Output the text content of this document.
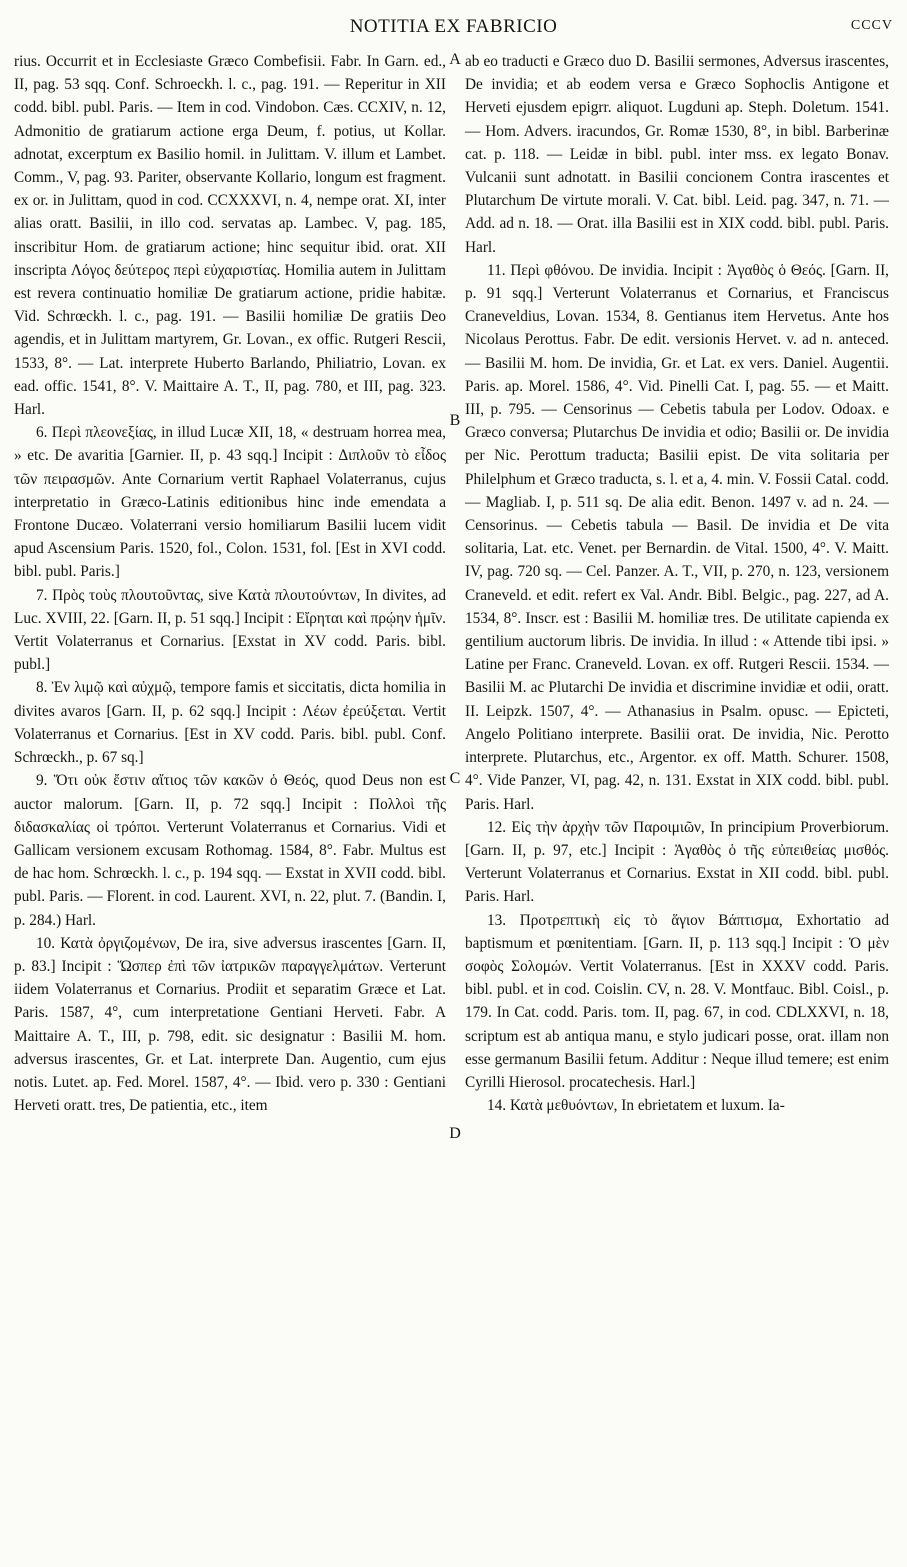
NOTITIA EX FABRICIO	CCCV
A
B
C
D

rius. Occurrit et in Ecclesiaste Græco Combefisii. Fabr. In Garn. ed., II, pag. 53 sqq. Conf. Schroeckh. l. c., pag. 191. — Reperitur in XII codd. bibl. publ. Paris. — Item in cod. Vindobon. Cæs. CCXIV, n. 12, Admonitio de gratiarum actione erga Deum, f. potius, ut Kollar. adnotat, excerptum ex Basilio homil. in Julittam. V. illum et Lambet. Comm., V, pag. 93. Pariter, observante Kollario, longum est fragment. ex or. in Julittam, quod in cod. CCXXXVI, n. 4, nempe orat. XI, inter alias oratt. Basilii, in illo cod. servatas ap. Lambec. V, pag. 185, inscribitur Hom. de gratiarum actione; hinc sequitur ibid. orat. XII inscripta Λόγος δεύτερος περὶ εὐχαριστίας. Homilia autem in Julittam est revera continuatio homiliæ De gratiarum actione, pridie habitæ. Vid. Schrœckh. l. c., pag. 191. — Basilii homiliæ De gratiis Deo agendis, et in Julittam martyrem, Gr. Lovan., ex offic. Rutgeri Rescii, 1533, 8°. — Lat. interprete Huberto Barlando, Philiatrio, Lovan. ex ead. offic. 1541, 8°. V. Maittaire A. T., II, pag. 780, et III, pag. 323. Harl.

6. Περὶ πλεονεξίας, in illud Lucæ XII, 18, « destruam horrea mea, » etc. De avaritia [Garnier. II, p. 43 sqq.] Incipit : Διπλοῦν τὸ εἶδος τῶν πειρασμῶν. Ante Cornarium vertit Raphael Volaterranus, cujus interpretatio in Græco-Latinis editionibus hinc inde emendata a Frontone Ducæo. Volaterrani versio homiliarum Basilii lucem vidit apud Ascensium Paris. 1520, fol., Colon. 1531, fol. [Est in XVI codd. bibl. publ. Paris.]

7. Πρὸς τοὺς πλουτοῦντας, sive Κατὰ πλουτούντων, In divites, ad Luc. XVIII, 22. [Garn. II, p. 51 sqq.] Incipit : Εἴρηται καὶ πρῴην ἡμῖν. Vertit Volaterranus et Cornarius. [Exstat in XV codd. Paris. bibl. publ.]

8. Ἐν λιμῷ καὶ αὐχμῷ, tempore famis et siccitatis, dicta homilia in divites avaros [Garn. II, p. 62 sqq.] Incipit : Λέων ἐρεύξεται. Vertit Volaterranus et Cornarius. [Est in XV codd. Paris. bibl. publ. Conf. Schrœckh., p. 67 sq.]

9. Ὅτι οὐκ ἔστιν αἴτιος τῶν κακῶν ὁ Θεός, quod Deus non est auctor malorum. [Garn. II, p. 72 sqq.] Incipit : Πολλοὶ τῆς διδασκαλίας οἱ τρόποι. Verterunt Volaterranus et Cornarius. Vidi et Gallicam versionem excusam Rothomag. 1584, 8°. Fabr. Multus est de hac hom. Schrœckh. l. c., p. 194 sqq. — Exstat in XVII codd. bibl. publ. Paris. — Florent. in cod. Laurent. XVI, n. 22, plut. 7. (Bandin. I, p. 284.) Harl.

10. Κατὰ ὀργιζομένων, De ira, sive adversus irascentes [Garn. II, p. 83.] Incipit : Ὥσπερ ἐπὶ τῶν ἰατρικῶν παραγγελμάτων. Verterunt iidem Volaterranus et Cornarius. Prodiit et separatim Græce et Lat. Paris. 1587, 4°, cum interpretatione Gentiani Herveti. Fabr. A Maittaire A. T., III, p. 798, edit. sic designatur : Basilii M. hom. adversus irascentes, Gr. et Lat. interprete Dan. Augentio, cum ejus notis. Lutet. ap. Fed. Morel. 1587, 4°. — Ibid. vero p. 330 : Gentiani Herveti oratt. tres, De patientia, etc., item

ab eo traducti e Græco duo D. Basilii sermones, Adversus irascentes, De invidia; et ab eodem versa e Græco Sophoclis Antigone et Herveti ejusdem epigrr. aliquot. Lugduni ap. Steph. Doletum. 1541. — Hom. Advers. iracundos, Gr. Romæ 1530, 8°, in bibl. Barberinæ cat. p. 118. — Leidæ in bibl. publ. inter mss. ex legato Bonav. Vulcanii sunt adnotatt. in Basilii concionem Contra irascentes et Plutarchum De virtute morali. V. Cat. bibl. Leid. pag. 347, n. 71. — Add. ad n. 18. — Orat. illa Basilii est in XIX codd. bibl. publ. Paris. Harl.

11. Περὶ φθόνου. De invidia. Incipit : Ἀγαθὸς ὁ Θεός. [Garn. II, p. 91 sqq.] Verterunt Volaterranus et Cornarius, et Franciscus Craneveldius, Lovan. 1534, 8. Gentianus item Hervetus. Ante hos Nicolaus Perottus. Fabr. De edit. versionis Hervet. v. ad n. anteced. — Basilii M. hom. De invidia, Gr. et Lat. ex vers. Daniel. Augentii. Paris. ap. Morel. 1586, 4°. Vid. Pinelli Cat. I, pag. 55. — et Maitt. III, p. 795. — Censorinus — Cebetis tabula per Lodov. Odoax. e Græco conversa; Plutarchus De invidia et odio; Basilii or. De invidia per Nic. Perottum traducta; Basilii epist. De vita solitaria per Philelphum et Græco traducta, s. l. et a, 4. min. V. Fossii Catal. codd. — Magliab. I, p. 511 sq. De alia edit. Benon. 1497 v. ad n. 24. — Censorinus. — Cebetis tabula — Basil. De invidia et De vita solitaria, Lat. etc. Venet. per Bernardin. de Vital. 1500, 4°. V. Maitt. IV, pag. 720 sq. — Cel. Panzer. A. T., VII, p. 270, n. 123, versionem Craneveld. et edit. refert ex Val. Andr. Bibl. Belgic., pag. 227, ad A. 1534, 8°. Inscr. est : Basilii M. homiliæ tres. De utilitate capienda ex gentilium auctorum libris. De invidia. In illud : « Attende tibi ipsi. » Latine per Franc. Craneveld. Lovan. ex off. Rutgeri Rescii. 1534. — Basilii M. ac Plutarchi De invidia et discrimine invidiæ et odii, oratt. II. Leipzk. 1507, 4°. — Athanasius in Psalm. opusc. — Epicteti, Angelo Politiano interprete. Basilii orat. De invidia, Nic. Perotto interprete. Plutarchus, etc., Argentor. ex off. Matth. Schurer. 1508, 4°. Vide Panzer, VI, pag. 42, n. 131. Exstat in XIX codd. bibl. publ. Paris. Harl.

12. Εἰς τὴν ἀρχὴν τῶν Παροιμιῶν, In principium Proverbiorum. [Garn. II, p. 97, etc.] Incipit : Ἀγαθὸς ὁ τῆς εὐπειθείας μισθός. Verterunt Volaterranus et Cornarius. Exstat in XII codd. bibl. publ. Paris. Harl.

13. Προτρεπτικὴ εἰς τὸ ἅγιον Βάπτισμα, Exhortatio ad baptismum et pœnitentiam. [Garn. II, p. 113 sqq.] Incipit : Ὁ μὲν σοφὸς Σολομών. Vertit Volaterranus. [Est in XXXV codd. Paris. bibl. publ. et in cod. Coislin. CV, n. 28. V. Montfauc. Bibl. Coisl., p. 179. In Cat. codd. Paris. tom. II, pag. 67, in cod. CDLXXVI, n. 18, scriptum est ab antiqua manu, e stylo judicari posse, orat. illam non esse germanum Basilii fetum. Additur : Neque illud temere; est enim Cyrilli Hierosol. procatechesis. Harl.]

14. Κατὰ μεθυόντων, In ebrietatem et luxum. Ia-
